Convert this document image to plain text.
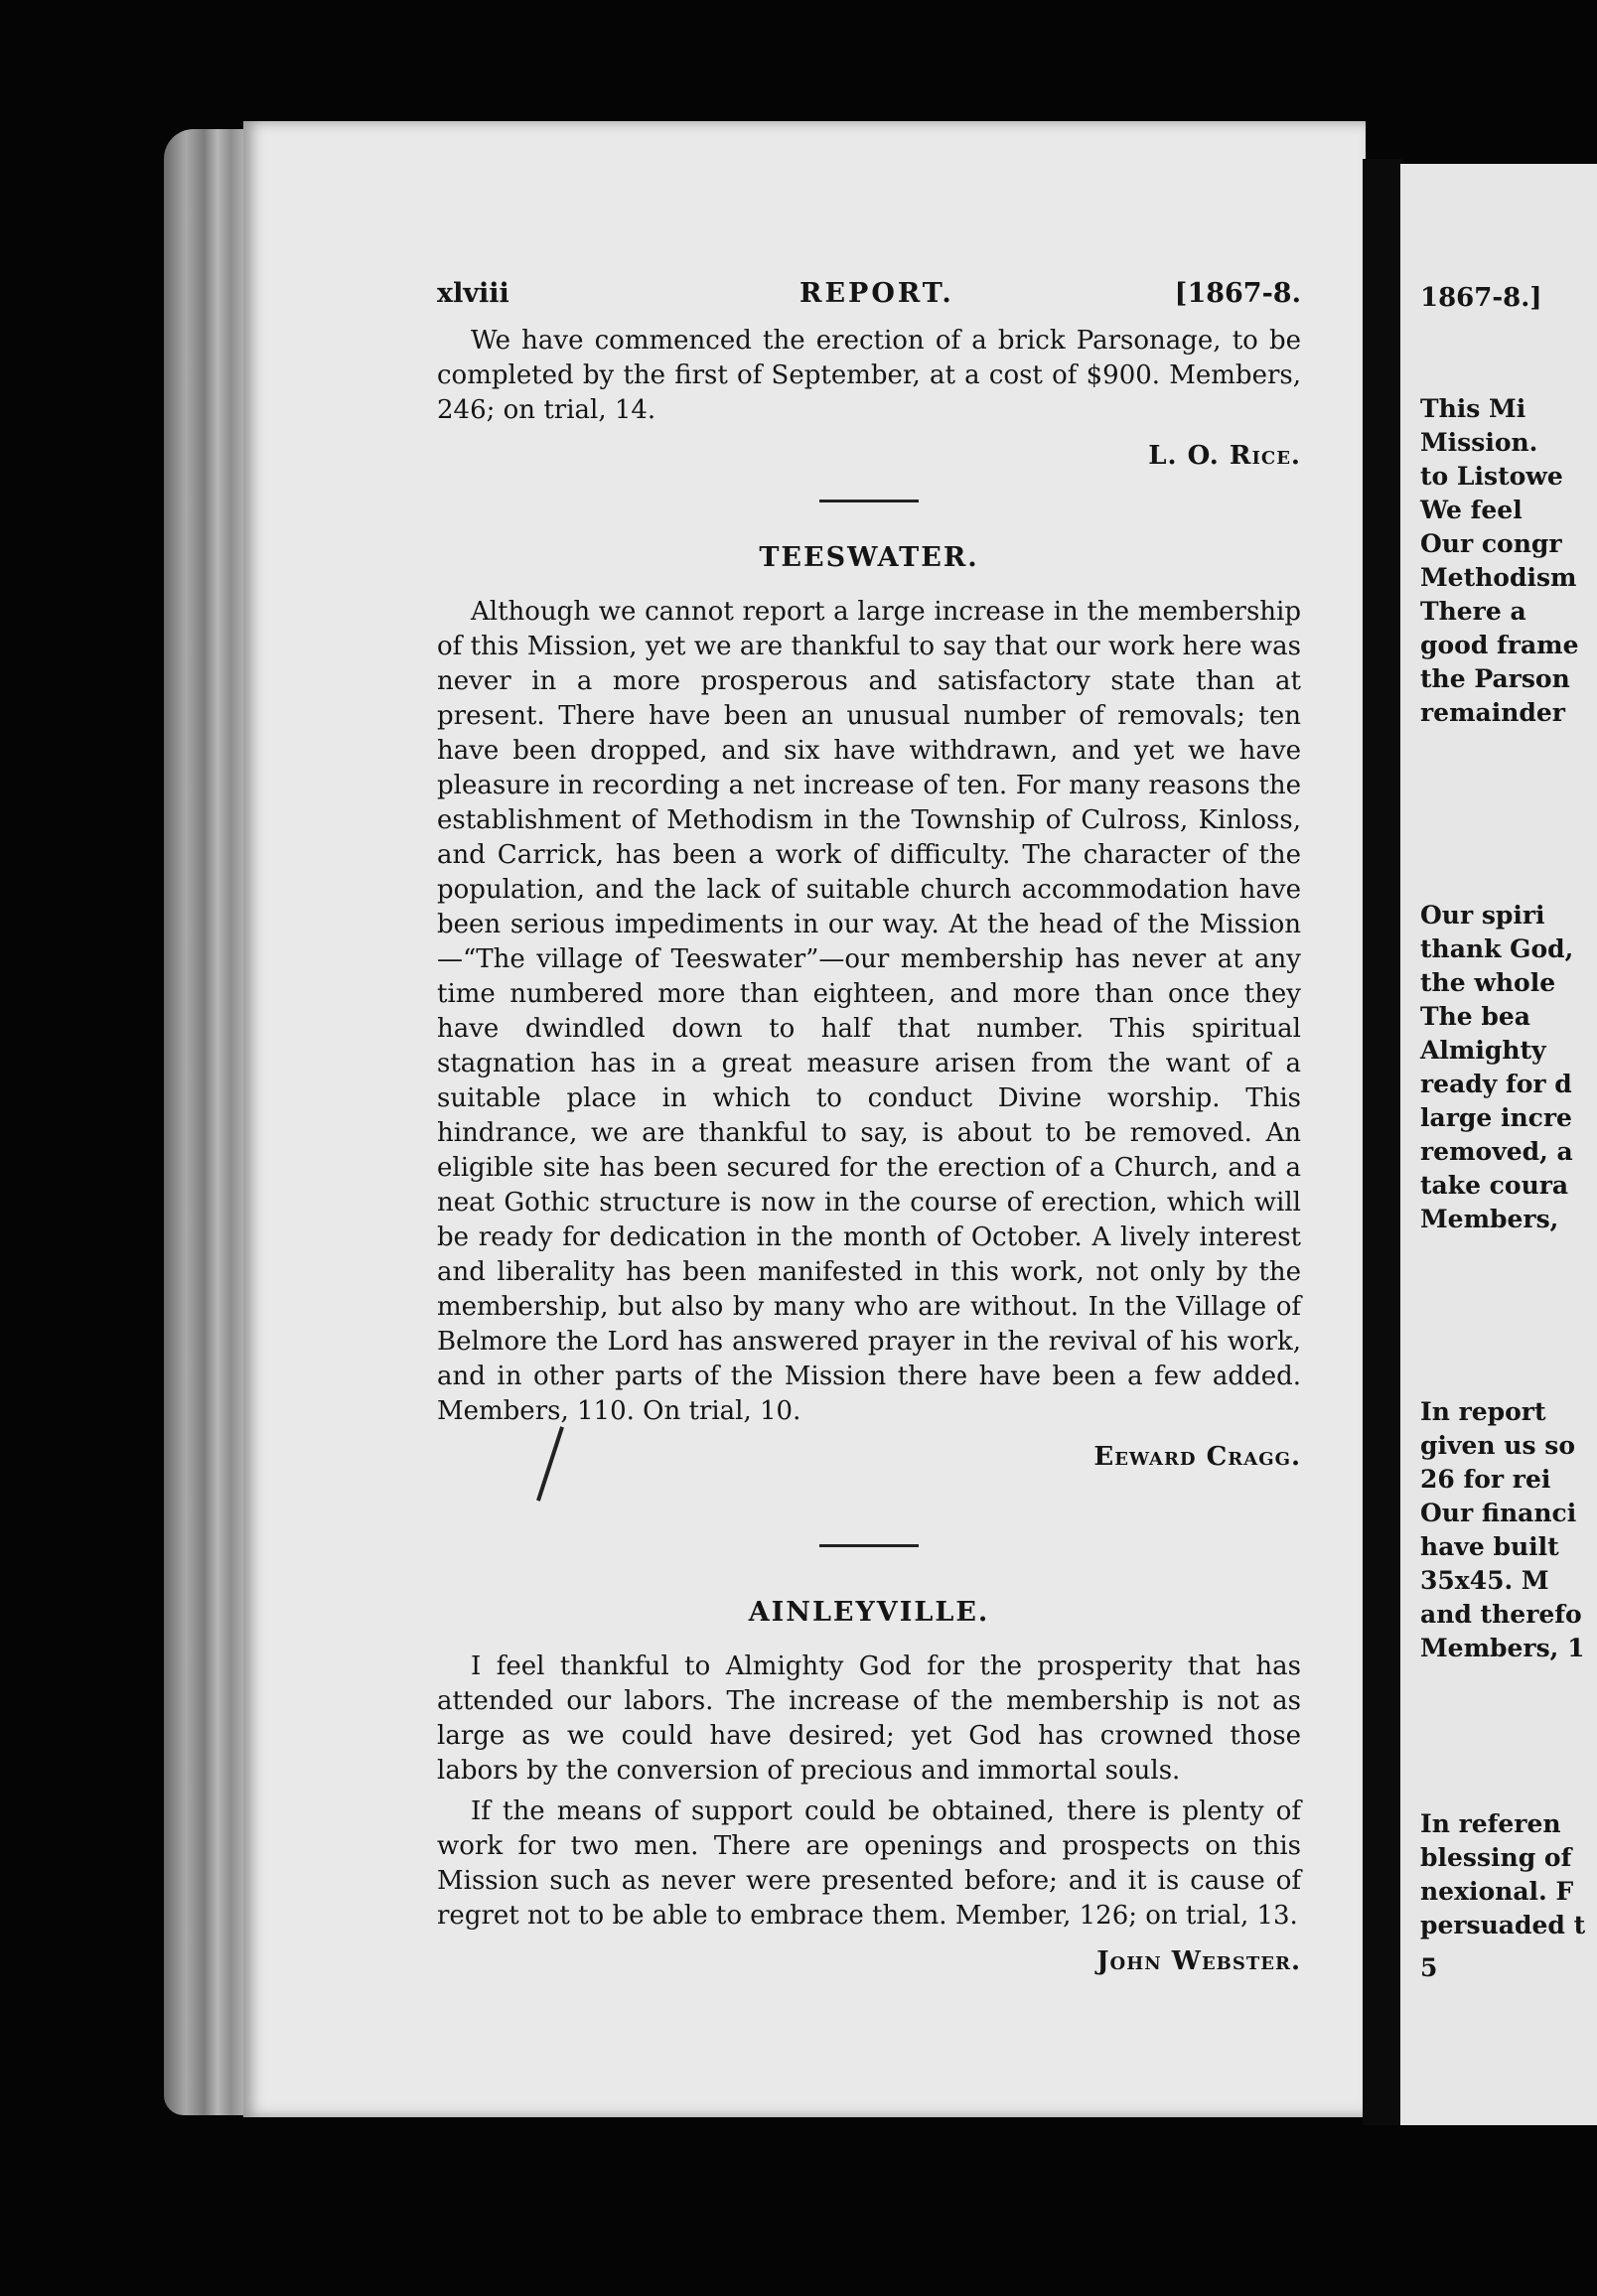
xlviii	REPORT.	[1867-8.

We have commenced the erection of a brick Parsonage, to be completed by the first of September, at a cost of $900. Members, 246; on trial, 14.

L. O. Rice.
TEESWATER.

Although we cannot report a large increase in the membership of this Mission, yet we are thankful to say that our work here was never in a more prosperous and satisfactory state than at present. There have been an unusual number of removals; ten have been dropped, and six have withdrawn, and yet we have pleasure in recording a net increase of ten. For many reasons the establishment of Methodism in the Township of Culross, Kinloss, and Carrick, has been a work of difficulty. The character of the population, and the lack of suitable church accommodation have been serious impediments in our way. At the head of the Mission—“The village of Teeswater”—our membership has never at any time numbered more than eighteen, and more than once they have dwindled down to half that number. This spiritual stagnation has in a great measure arisen from the want of a suitable place in which to conduct Divine worship. This hindrance, we are thankful to say, is about to be removed. An eligible site has been secured for the erection of a Church, and a neat Gothic structure is now in the course of erection, which will be ready for dedication in the month of October. A lively interest and liberality has been manifested in this work, not only by the membership, but also by many who are without. In the Village of Belmore the Lord has answered prayer in the revival of his work, and in other parts of the Mission there have been a few added. Members, 110. On trial, 10.

Eeward Cragg.
AINLEYVILLE.

I feel thankful to Almighty God for the prosperity that has attended our labors. The increase of the membership is not as large as we could have desired; yet God has crowned those labors by the conversion of precious and immortal souls.

If the means of support could be obtained, there is plenty of work for two men. There are openings and prospects on this Mission such as never were presented before; and it is cause of regret not to be able to embrace them. Member, 126; on trial, 13.

John Webster.
1867-8.]
This Mi
Mission.
to Listowe
We feel
Our congr
Methodism
There a
good frame
the Parson
remainder
Our spiri
thank God,
the whole
The bea
Almighty
ready for d
large incre
removed, a
take coura
Members,
In report
given us so
26 for rei
Our financi
have built
35x45. M
and therefo
Members, 1
In referen
blessing of
nexional. F
persuaded t
5
